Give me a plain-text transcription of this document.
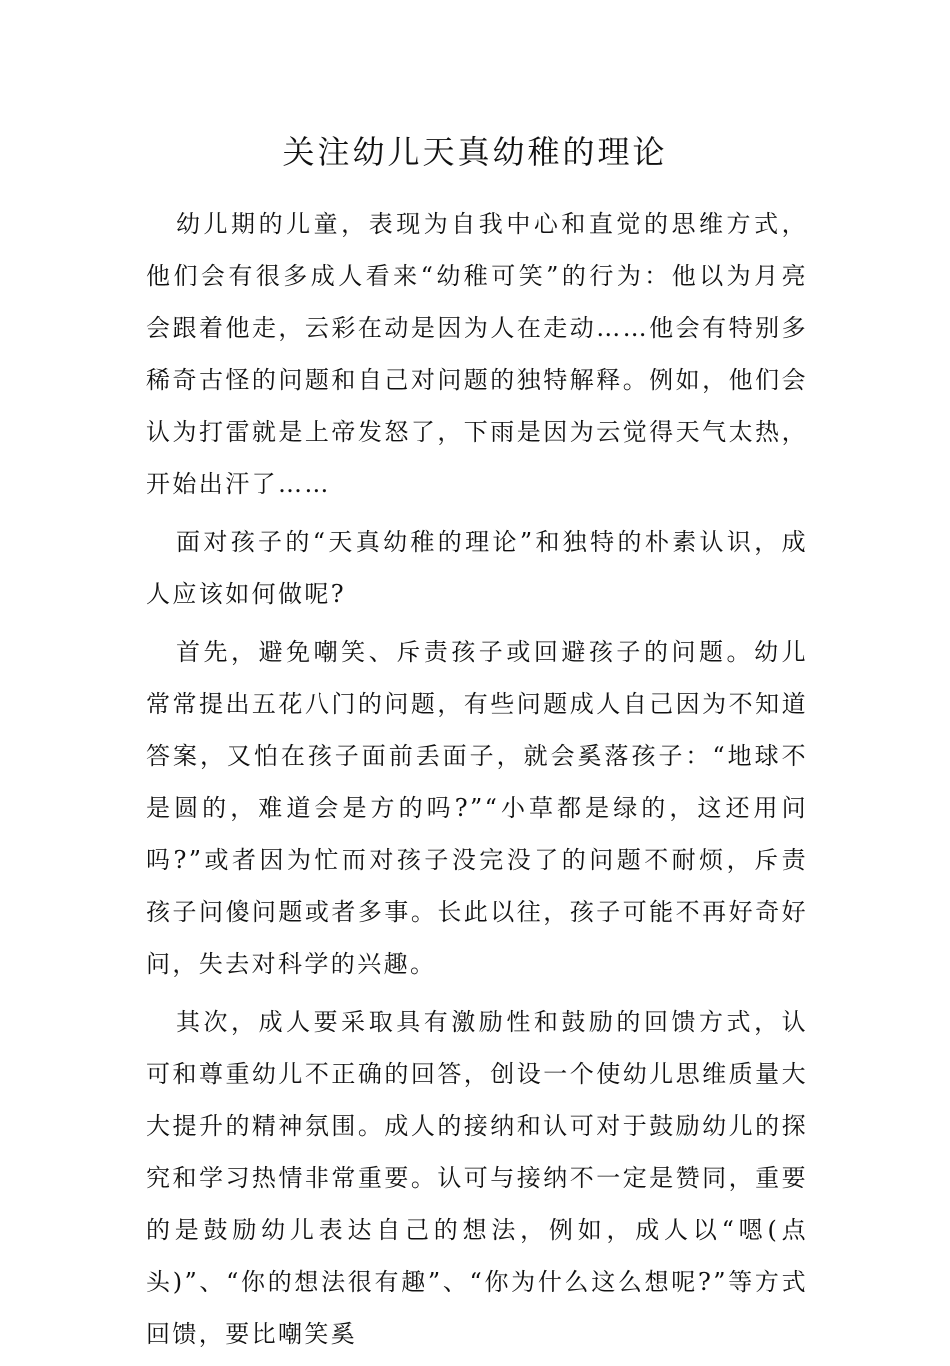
关注幼儿天真幼稚的理论

幼儿期的儿童，表现为自我中心和直觉的思维方式，他们会有很多成人看来“幼稚可笑”的行为：他以为月亮会跟着他走，云彩在动是因为人在走动……他会有特别多稀奇古怪的问题和自己对问题的独特解释。例如，他们会认为打雷就是上帝发怒了，下雨是因为云觉得天气太热，开始出汗了……

面对孩子的“天真幼稚的理论”和独特的朴素认识，成人应该如何做呢?

首先，避免嘲笑、斥责孩子或回避孩子的问题。幼儿常常提出五花八门的问题，有些问题成人自己因为不知道答案，又怕在孩子面前丢面子，就会奚落孩子：“地球不是圆的，难道会是方的吗?”“小草都是绿的，这还用问吗?”或者因为忙而对孩子没完没了的问题不耐烦，斥责孩子问傻问题或者多事。长此以往，孩子可能不再好奇好问，失去对科学的兴趣。

其次，成人要采取具有激励性和鼓励的回馈方式，认可和尊重幼儿不正确的回答，创设一个使幼儿思维质量大大提升的精神氛围。成人的接纳和认可对于鼓励幼儿的探究和学习热情非常重要。认可与接纳不一定是赞同，重要的是鼓励幼儿表达自己的想法，例如，成人以“嗯(点头)”、“你的想法很有趣”、“你为什么这么想呢?”等方式回馈，要比嘲笑奚
